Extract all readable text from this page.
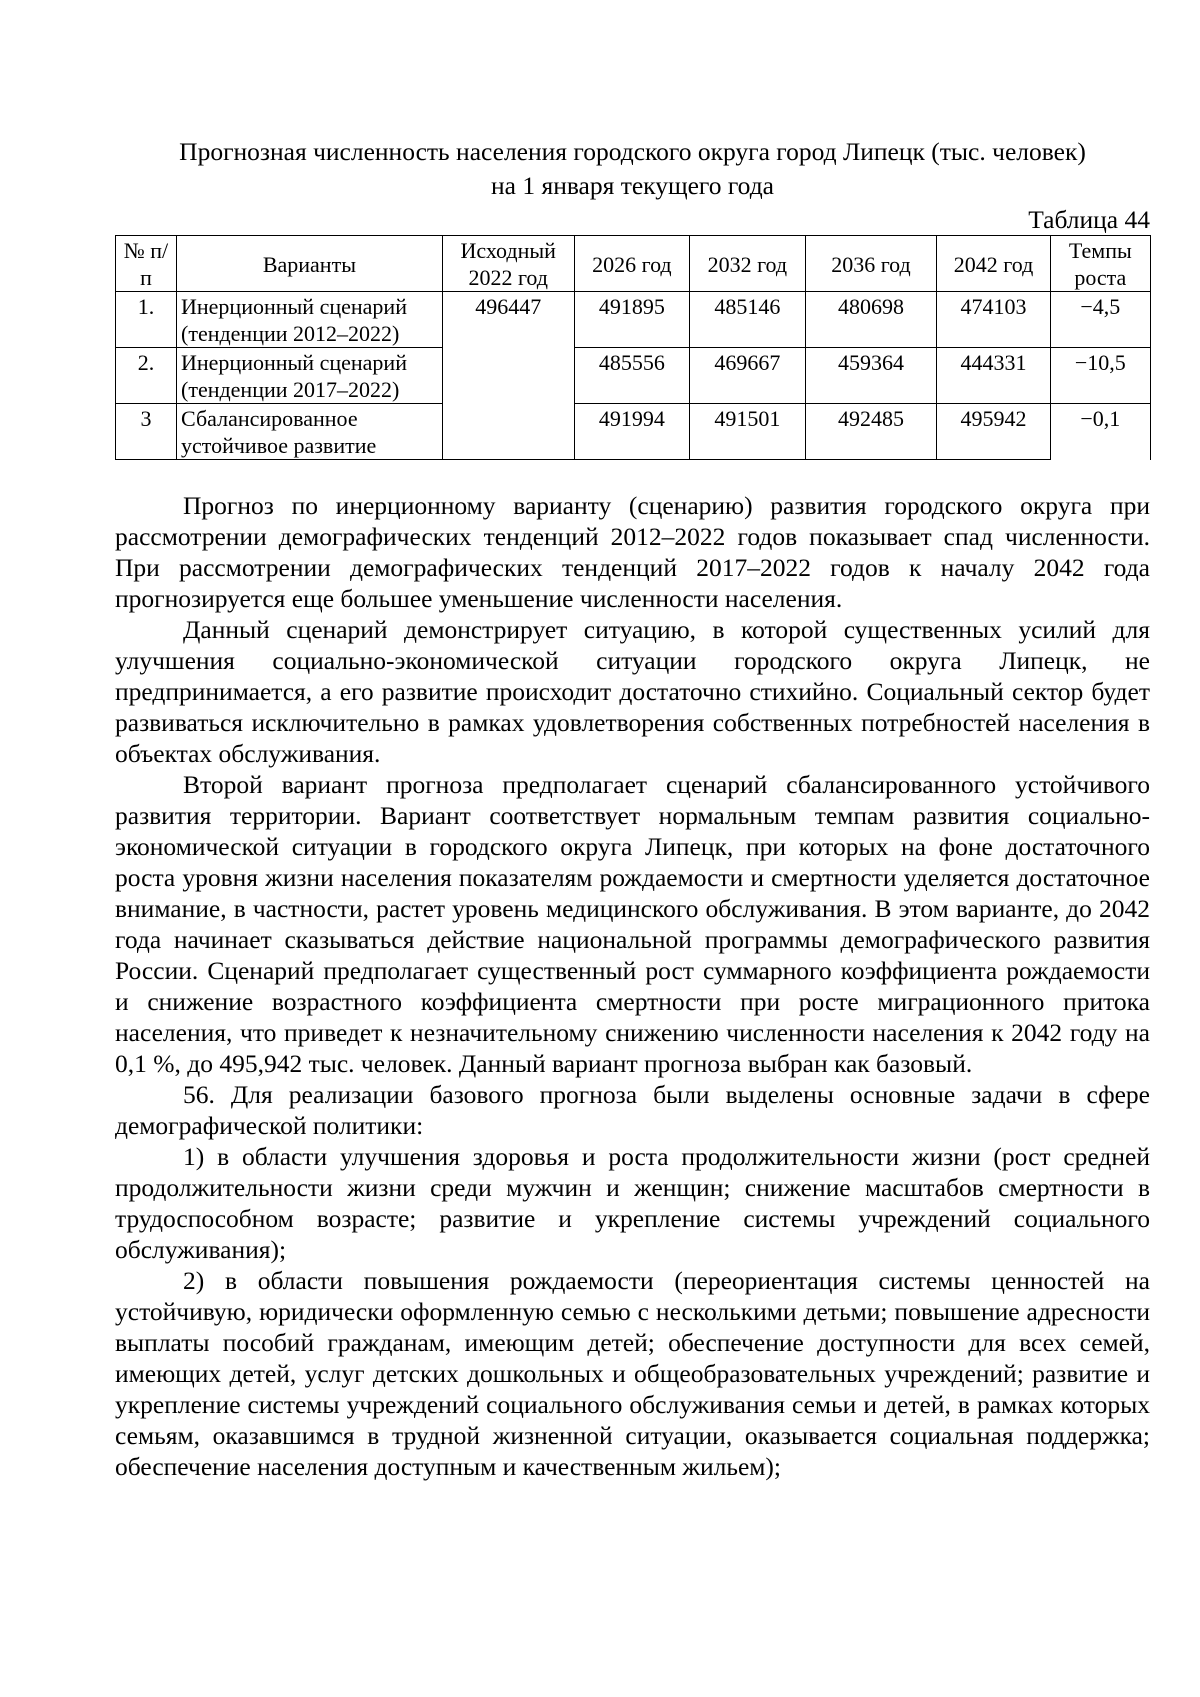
Прогнозная численность населения городского округа город Липецк (тыс. человек)
на 1 января текущего года
Таблица 44
№ п/п	Варианты	Исходный 2022 год	2026 год	2032 год	2036 год	2042 год	Темпы роста
1.	Инерционный сценарий (тенденции 2012–2022)	496447	491895	485146	480698	474103	−4,5
2.	Инерционный сценарий (тенденции 2017–2022)		485556	469667	459364	444331	−10,5
3	Сбалансированное устойчивое развитие		491994	491501	492485	495942	−0,1

Прогноз по инерционному варианту (сценарию) развития городского округа при рассмотрении демографических тенденций 2012–2022 годов показывает спад численности. При рассмотрении демографических тенденций 2017–2022 годов к началу 2042 года прогнозируется еще большее уменьшение численности населения.

Данный сценарий демонстрирует ситуацию, в которой существенных усилий для улучшения социально-экономической ситуации городского округа Липецк, не предпринимается, а его развитие происходит достаточно стихийно. Социальный сектор будет развиваться исключительно в рамках удовлетворения собственных потребностей населения в объектах обслуживания.

Второй вариант прогноза предполагает сценарий сбалансированного устойчивого развития территории. Вариант соответствует нормальным темпам развития социально-экономической ситуации в городского округа Липецк, при которых на фоне достаточного роста уровня жизни населения показателям рождаемости и смертности уделяется достаточное внимание, в частности, растет уровень медицинского обслуживания. В этом варианте, до 2042 года начинает сказываться действие национальной программы демографического развития России. Сценарий предполагает существенный рост суммарного коэффициента рождаемости и снижение возрастного коэффициента смертности при росте миграционного притока населения, что приведет к незначительному снижению численности населения к 2042 году на 0,1 %, до 495,942 тыс. человек. Данный вариант прогноза выбран как базовый.

56. Для реализации базового прогноза были выделены основные задачи в сфере демографической политики:

1) в области улучшения здоровья и роста продолжительности жизни (рост средней продолжительности жизни среди мужчин и женщин; снижение масштабов смертности в трудоспособном возрасте; развитие и укрепление системы учреждений социального обслуживания);

2) в области повышения рождаемости (переориентация системы ценностей на устойчивую, юридически оформленную семью с несколькими детьми; повышение адресности выплаты пособий гражданам, имеющим детей; обеспечение доступности для всех семей, имеющих детей, услуг детских дошкольных и общеобразовательных учреждений; развитие и укрепление системы учреждений социального обслуживания семьи и детей, в рамках которых семьям, оказавшимся в трудной жизненной ситуации, оказывается социальная поддержка; обеспечение населения доступным и качественным жильем);
